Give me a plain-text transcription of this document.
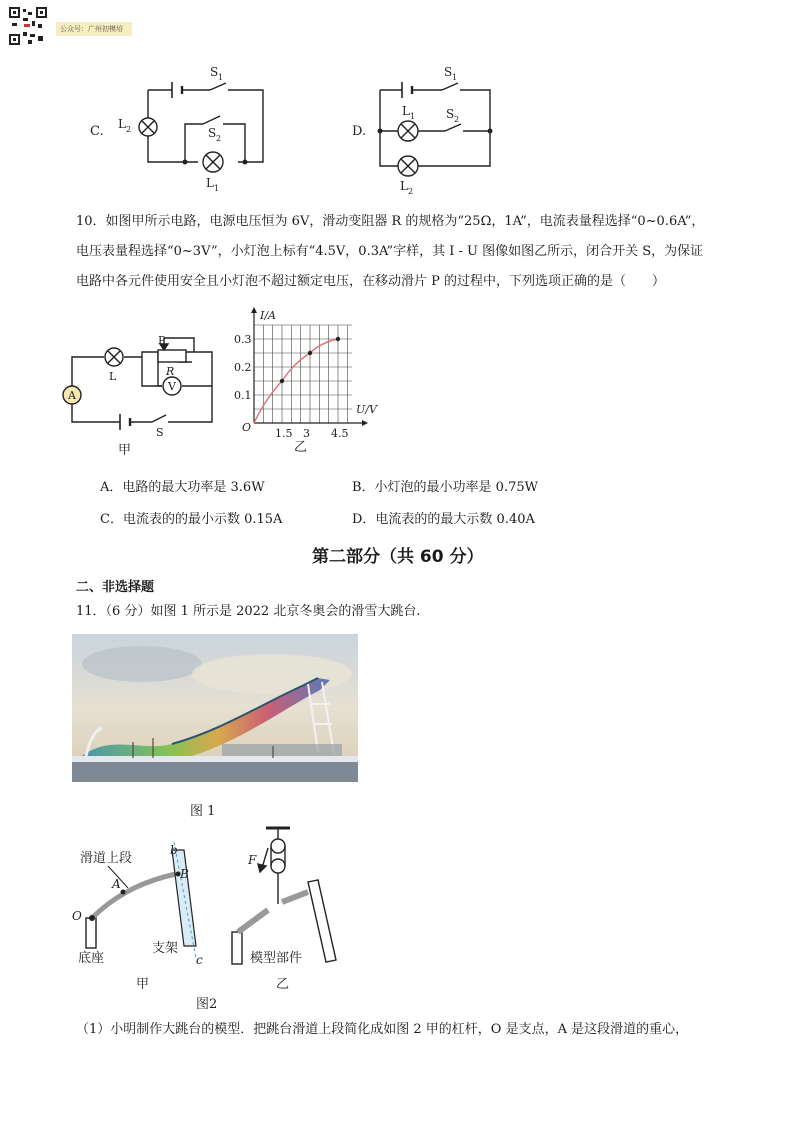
公众号：广州初模培
C. L 2
S 1
S 2
L 1
D.
S 1
L 1	S 2
L 2
10．如图甲所示电路，电源电压恒为 6V，滑动变阻器 R 的规格为“25Ω，1A”，电流表量程选择“0~0.6A”，
电压表量程选择“0~3V”，小灯泡上标有“4.5V，0.3A”字样，其 I - U 图像如图乙所示，闭合开关 S，为保证
电路中各元件使用安全且小灯泡不超过额定电压，在移动滑片 P 的过程中，下列选项正确的是（　　）
P
R
L
V
A
S
甲
1.5 3 4.5
0.1
0.2
0.3
I/A
U/V
O
乙
A．电路的最大功率是 3.6W	B．小灯泡的最小功率是 0.75W
C．电流表的的最小示数 0.15A	D．电流表的的最大示数 0.40A
第二部分（共 60 分）
二、非选择题
11．（6 分）如图 1 所示是 2022 北京冬奥会的滑雪大跳台.
图 1
滑道上段
A
B
b
c
O
底座
支架
甲
F
模型部件
乙
图2
（1）小明制作大跳台的模型．把跳台滑道上段简化成如图 2 甲的杠杆，O 是支点，A 是这段滑道的重心，
